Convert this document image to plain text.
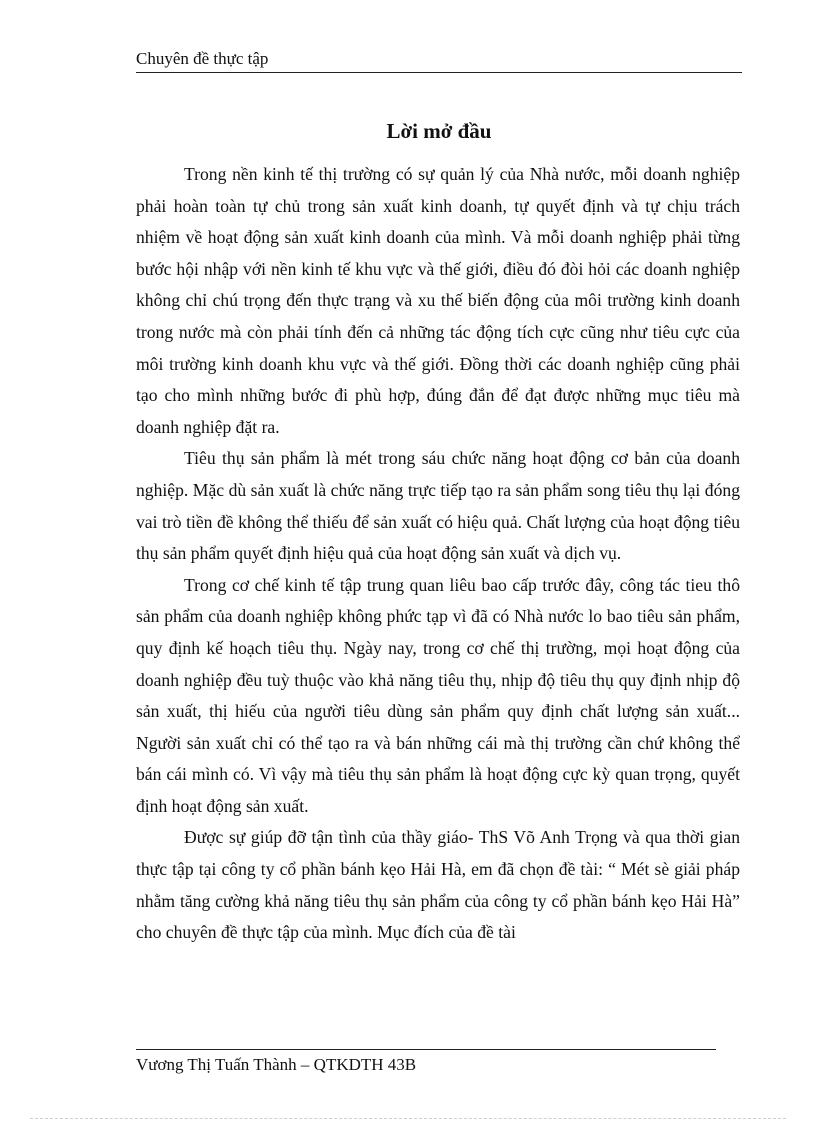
Chuyên đề thực tập
Lời mở đầu

Trong nền kinh tế thị trường có sự quản lý của Nhà nước, mỗi doanh nghiệp phải hoàn toàn tự chủ trong sản xuất kinh doanh, tự quyết định và tự chịu trách nhiệm về hoạt động sản xuất kinh doanh của mình. Và mỗi doanh nghiệp phải từng bước hội nhập với nền kinh tế khu vực và thế giới, điều đó đòi hỏi các doanh nghiệp không chỉ chú trọng đến thực trạng và xu thế biến động của môi trường kinh doanh trong nước mà còn phải tính đến cả những tác động tích cực cũng như tiêu cực của môi trường kinh doanh khu vực và thế giới. Đồng thời các doanh nghiệp cũng phải tạo cho mình những bước đi phù hợp, đúng đắn để đạt được những mục tiêu mà doanh nghiệp đặt ra.

Tiêu thụ sản phẩm là mét trong sáu chức năng hoạt động cơ bản của doanh nghiệp. Mặc dù sản xuất là chức năng trực tiếp tạo ra sản phẩm song tiêu thụ lại đóng vai trò tiền đề không thể thiếu để sản xuất có hiệu quả. Chất lượng của hoạt động tiêu thụ sản phẩm quyết định hiệu quả của hoạt động sản xuất và dịch vụ.

Trong cơ chế kinh tế tập trung quan liêu bao cấp trước đây, công tác tieu thô sản phẩm của doanh nghiệp không phức tạp vì đã có Nhà nước lo bao tiêu sản phẩm, quy định kế hoạch tiêu thụ. Ngày nay, trong cơ chế thị trường, mọi hoạt động của doanh nghiệp đều tuỳ thuộc vào khả năng tiêu thụ, nhịp độ tiêu thụ quy định nhịp độ sản xuất, thị hiếu của người tiêu dùng sản phẩm quy định chất lượng sản xuất... Người sản xuất chỉ có thể tạo ra và bán những cái mà thị trường cần chứ không thể bán cái mình có. Vì vậy mà tiêu thụ sản phẩm là hoạt động cực kỳ quan trọng, quyết định hoạt động sản xuất.

Được sự giúp đỡ tận tình của thầy giáo- ThS Võ Anh Trọng và qua thời gian thực tập tại công ty cổ phần bánh kẹo Hải Hà, em đã chọn đề tài: “ Mét sè giải pháp nhằm tăng cường khả năng tiêu thụ sản phẩm của công ty cổ phần bánh kẹo Hải Hà” cho chuyên đề thực tập của mình. Mục đích của đề tài

Vương Thị Tuấn Thành – QTKDTH 43B
